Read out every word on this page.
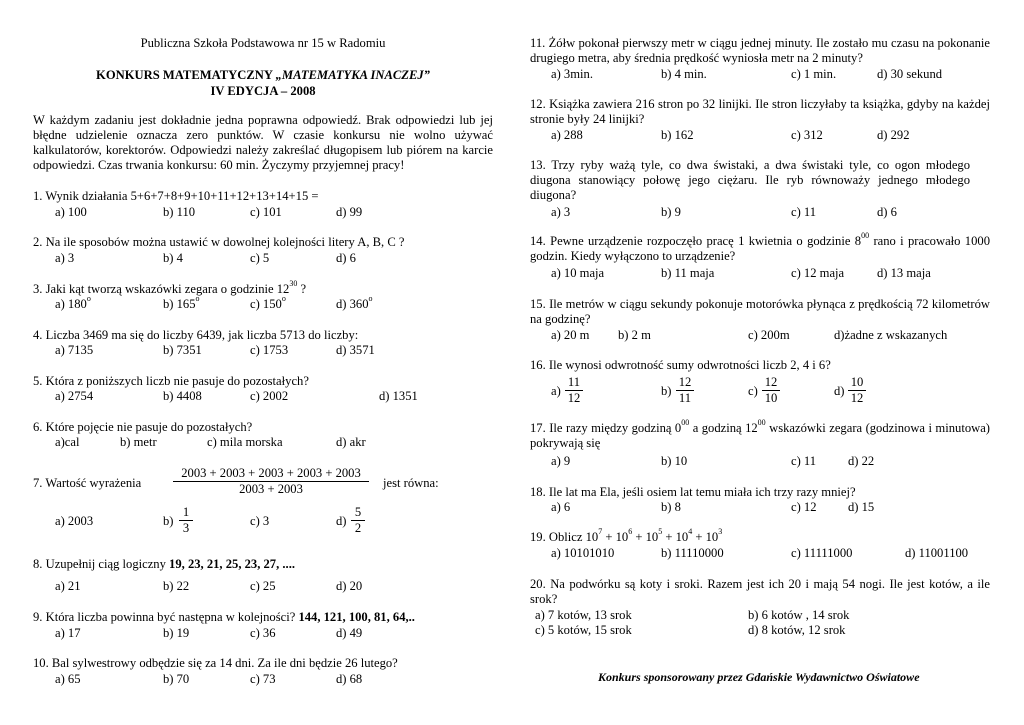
Publiczna Szkoła Podstawowa nr 15 w Radomiu
KONKURS MATEMATYCZNY „MATEMATYKA INACZEJ”
IV EDYCJA – 2008
W każdym zadaniu jest dokładnie jedna poprawna odpowiedź. Brak odpowiedzi lub jej błędne udzielenie oznacza zero punktów. W czasie konkursu nie wolno używać kalkulatorów, korektorów. Odpowiedzi należy zakreślać długopisem lub piórem na karcie odpowiedzi. Czas trwania konkursu: 60 min. Życzymy przyjemnej pracy!
1. Wynik działania 5+6+7+8+9+10+11+12+13+14+15 =
a) 100	b) 110	c) 101	d) 99
2. Na ile sposobów można ustawić w dowolnej kolejności litery A, B, C ?
a) 3	b) 4	c) 5	d) 6
3. Jaki kąt tworzą wskazówki zegara o godzinie $12^{30}$ ?
a) 180$^o$	b) 165$^o$	c) 150$^o$	d) 360$^o$
4. Liczba 3469 ma się do liczby 6439, jak liczba 5713 do liczby:
a) 7135	b) 7351	c) 1753	d) 3571
5. Która z poniższych liczb nie pasuje do pozostałych?
a) 2754	b) 4408	c) 2002	d) 1351
6. Które pojęcie nie pasuje do pozostałych?
a)cal	b) metr	c) mila morska	d) akr
7. Wartość wyrażenia	$\frac{2003 + 2003 + 2003 + 2003 + 2003}{2003 + 2003}$ jest równa:
a) 2003	$b) \frac{1}{3}$	c) 3	$d) \frac{5}{2}$
8. Uzupełnij ciąg logiczny 19, 23, 21, 25, 23, 27, ....
a) 21	b) 22	c) 25	d) 20
9. Która liczba powinna być następna w kolejności? 144, 121, 100, 81, 64,..
a) 17	b) 19	c) 36	d) 49
10. Bal sylwestrowy odbędzie się za 14 dni. Za ile dni będzie 26 lutego?
a) 65	b) 70	c) 73	d) 68
11. Żółw pokonał pierwszy metr w ciągu jednej minuty. Ile zostało mu czasu na pokonanie drugiego metra, aby średnia prędkość wyniosła metr na 2 minuty?
a) 3min.	b) 4 min.	c) 1 min.	d) 30 sekund
12. Książka zawiera 216 stron po 32 linijki. Ile stron liczyłaby ta książka, gdyby na każdej stronie były 24 linijki?
a) 288	b) 162	c) 312	d) 292
13. Trzy ryby ważą tyle, co dwa świstaki, a dwa świstaki tyle, co ogon młodego diugona stanowiący połowę jego ciężaru. Ile ryb równoważy jednego młodego diugona?
a) 3	b) 9	c) 11	d) 6
14. Pewne urządzenie rozpoczęło pracę 1 kwietnia o godzinie $8^{00}$ rano i pracowało 1000 godzin. Kiedy wyłączono to urządzenie?
a) 10 maja	b) 11 maja	c) 12 maja	d) 13 maja
15. Ile metrów w ciągu sekundy pokonuje motorówka płynąca z prędkością 72 kilometrów na godzinę?
a) 20 m b) 2 m	c) 200m	d)żadne z wskazanych
16. Ile wynosi odwrotność sumy odwrotności liczb 2, 4 i 6?
$a) \frac{11}{12}$	$b) \frac{12}{11}$	$c) \frac{12}{10}$	$d) \frac{10}{12}$
17. Ile razy między godziną $0^{00}$ a godziną $12^{00}$ wskazówki zegara (godzinowa i minutowa) pokrywają się
a) 9	b) 10	c) 11	d) 22
18. Ile lat ma Ela, jeśli osiem lat temu miała ich trzy razy mniej?
a) 6	b) 8	c) 12 d) 15
19. Oblicz $10^7 + 10^6 + 10^5 + 10^4 + 10^3$
a) 10101010	b) 11110000	c) 11111000	d) 11001100
20. Na podwórku są koty i sroki. Razem jest ich 20 i mają 54 nogi. Ile jest kotów, a ile srok?
a) 7 kotów, 13 srok	b) 6 kotów , 14 srok
c) 5 kotów, 15 srok	d) 8 kotów, 12 srok
Konkurs sponsorowany przez Gdańskie Wydawnictwo Oświatowe
